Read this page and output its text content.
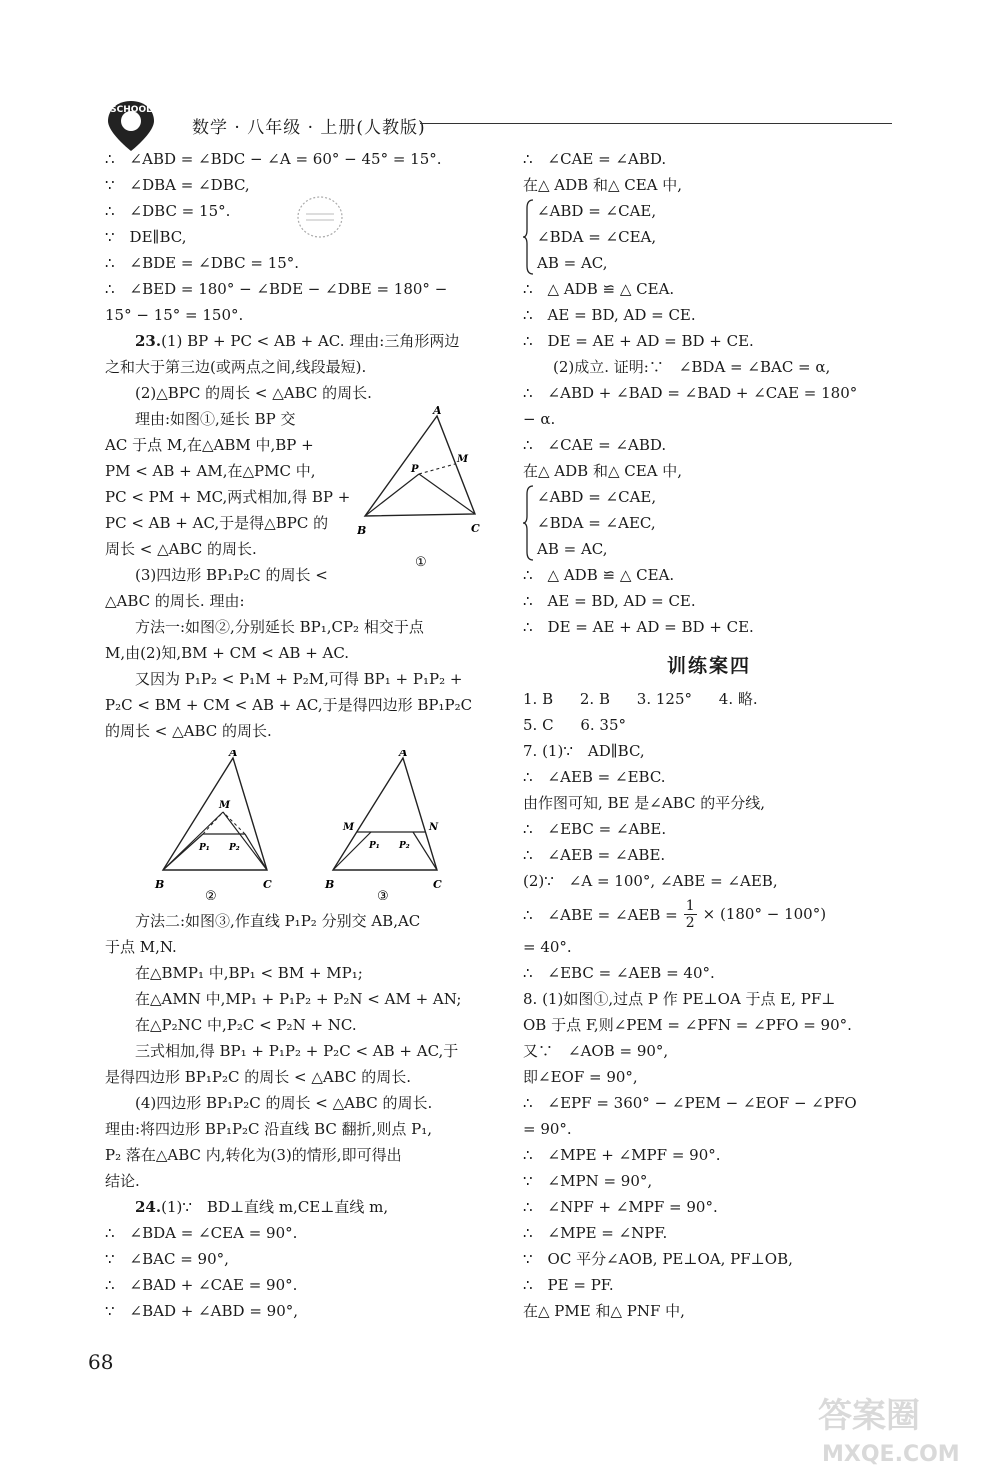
SCHOOL
数学 · 八年级 · 上册(人教版)
∴　∠ABD = ∠BDC − ∠A = 60° − 45° = 15°.
∵　∠DBA = ∠DBC,
∴　∠DBC = 15°.
∵　DE∥BC,
∴　∠BDE = ∠DBC = 15°.
∴　∠BED = 180° − ∠BDE − ∠DBE = 180° −
15° − 15° = 150°.
23.(1) BP + PC < AB + AC. 理由:三角形两边
之和大于第三边(或两点之间,线段最短).
(2)△BPC 的周长 < △ABC 的周长.
理由:如图①,延长 BP 交
AC 于点 M,在△ABM 中,BP +
PM < AB + AM,在△PMC 中,
PC < PM + MC,两式相加,得 BP +
PC < AB + AC,于是得△BPC 的
周长 < △ABC 的周长.
(3)四边形 BP₁P₂C 的周长 <
△ABC 的周长. 理由:
A
B	C
P
M
①
方法一:如图②,分别延长 BP₁,CP₂ 相交于点
M,由(2)知,BM + CM < AB + AC.
又因为 P₁P₂ < P₁M + P₂M,可得 BP₁ + P₁P₂ +
P₂C < BM + CM < AB + AC,于是得四边形 BP₁P₂C
的周长 < △ABC 的周长.
A
B	C
M
P₁ P₂
②
A
B	C
M	N
P₁ P₂
③
方法二:如图③,作直线 P₁P₂ 分别交 AB,AC
于点 M,N.
在△BMP₁ 中,BP₁ < BM + MP₁;
在△AMN 中,MP₁ + P₁P₂ + P₂N < AM + AN;
在△P₂NC 中,P₂C < P₂N + NC.
三式相加,得 BP₁ + P₁P₂ + P₂C < AB + AC,于
是得四边形 BP₁P₂C 的周长 < △ABC 的周长.
(4)四边形 BP₁P₂C 的周长 < △ABC 的周长.
理由:将四边形 BP₁P₂C 沿直线 BC 翻折,则点 P₁,
P₂ 落在△ABC 内,转化为(3)的情形,即可得出
结论.
24.(1)∵　BD⊥直线 m,CE⊥直线 m,
∴　∠BDA = ∠CEA = 90°.
∵　∠BAC = 90°,
∴　∠BAD + ∠CAE = 90°.
∵　∠BAD + ∠ABD = 90°,
∴　∠CAE = ∠ABD.
在△ ADB 和△ CEA 中,
∠ABD = ∠CAE,
∠BDA = ∠CEA,
AB = AC,
∴　△ ADB ≌ △ CEA.
∴　AE = BD, AD = CE.
∴　DE = AE + AD = BD + CE.
(2)成立. 证明:∵　∠BDA = ∠BAC = α,
∴　∠ABD + ∠BAD = ∠BAD + ∠CAE = 180°
− α.
∴　∠CAE = ∠ABD.
在△ ADB 和△ CEA 中,
∠ABD = ∠CAE,
∠BDA = ∠AEC,
AB = AC,
∴　△ ADB ≌ △ CEA.
∴　AE = BD, AD = CE.
∴　DE = AE + AD = BD + CE.
训练案四
1. B 2. B 3. 125° 4. 略.
5. C 6. 35°
7. (1)∵　AD∥BC,
∴　∠AEB = ∠EBC.
由作图可知, BE 是∠ABC 的平分线,
∴　∠EBC = ∠ABE.
∴　∠AEB = ∠ABE.
(2)∵　∠A = 100°, ∠ABE = ∠AEB,
∴　∠ABE = ∠AEB = $\frac{1}{2} \times (180^\circ - 100^\circ)$
= 40°.
∴　∠EBC = ∠AEB = 40°.
8. (1)如图①,过点 P 作 PE⊥OA 于点 E, PF⊥
OB 于点 F,则∠PEM = ∠PFN = ∠PFO = 90°.
又∵　∠AOB = 90°,
即∠EOF = 90°,
∴　∠EPF = 360° − ∠PEM − ∠EOF − ∠PFO
= 90°.
∴　∠MPE + ∠MPF = 90°.
∵　∠MPN = 90°,
∴　∠NPF + ∠MPF = 90°.
∴　∠MPE = ∠NPF.
∵　OC 平分∠AOB, PE⊥OA, PF⊥OB,
∴　PE = PF.
在△ PME 和△ PNF 中,
68
答案圈
MXQE.COM
